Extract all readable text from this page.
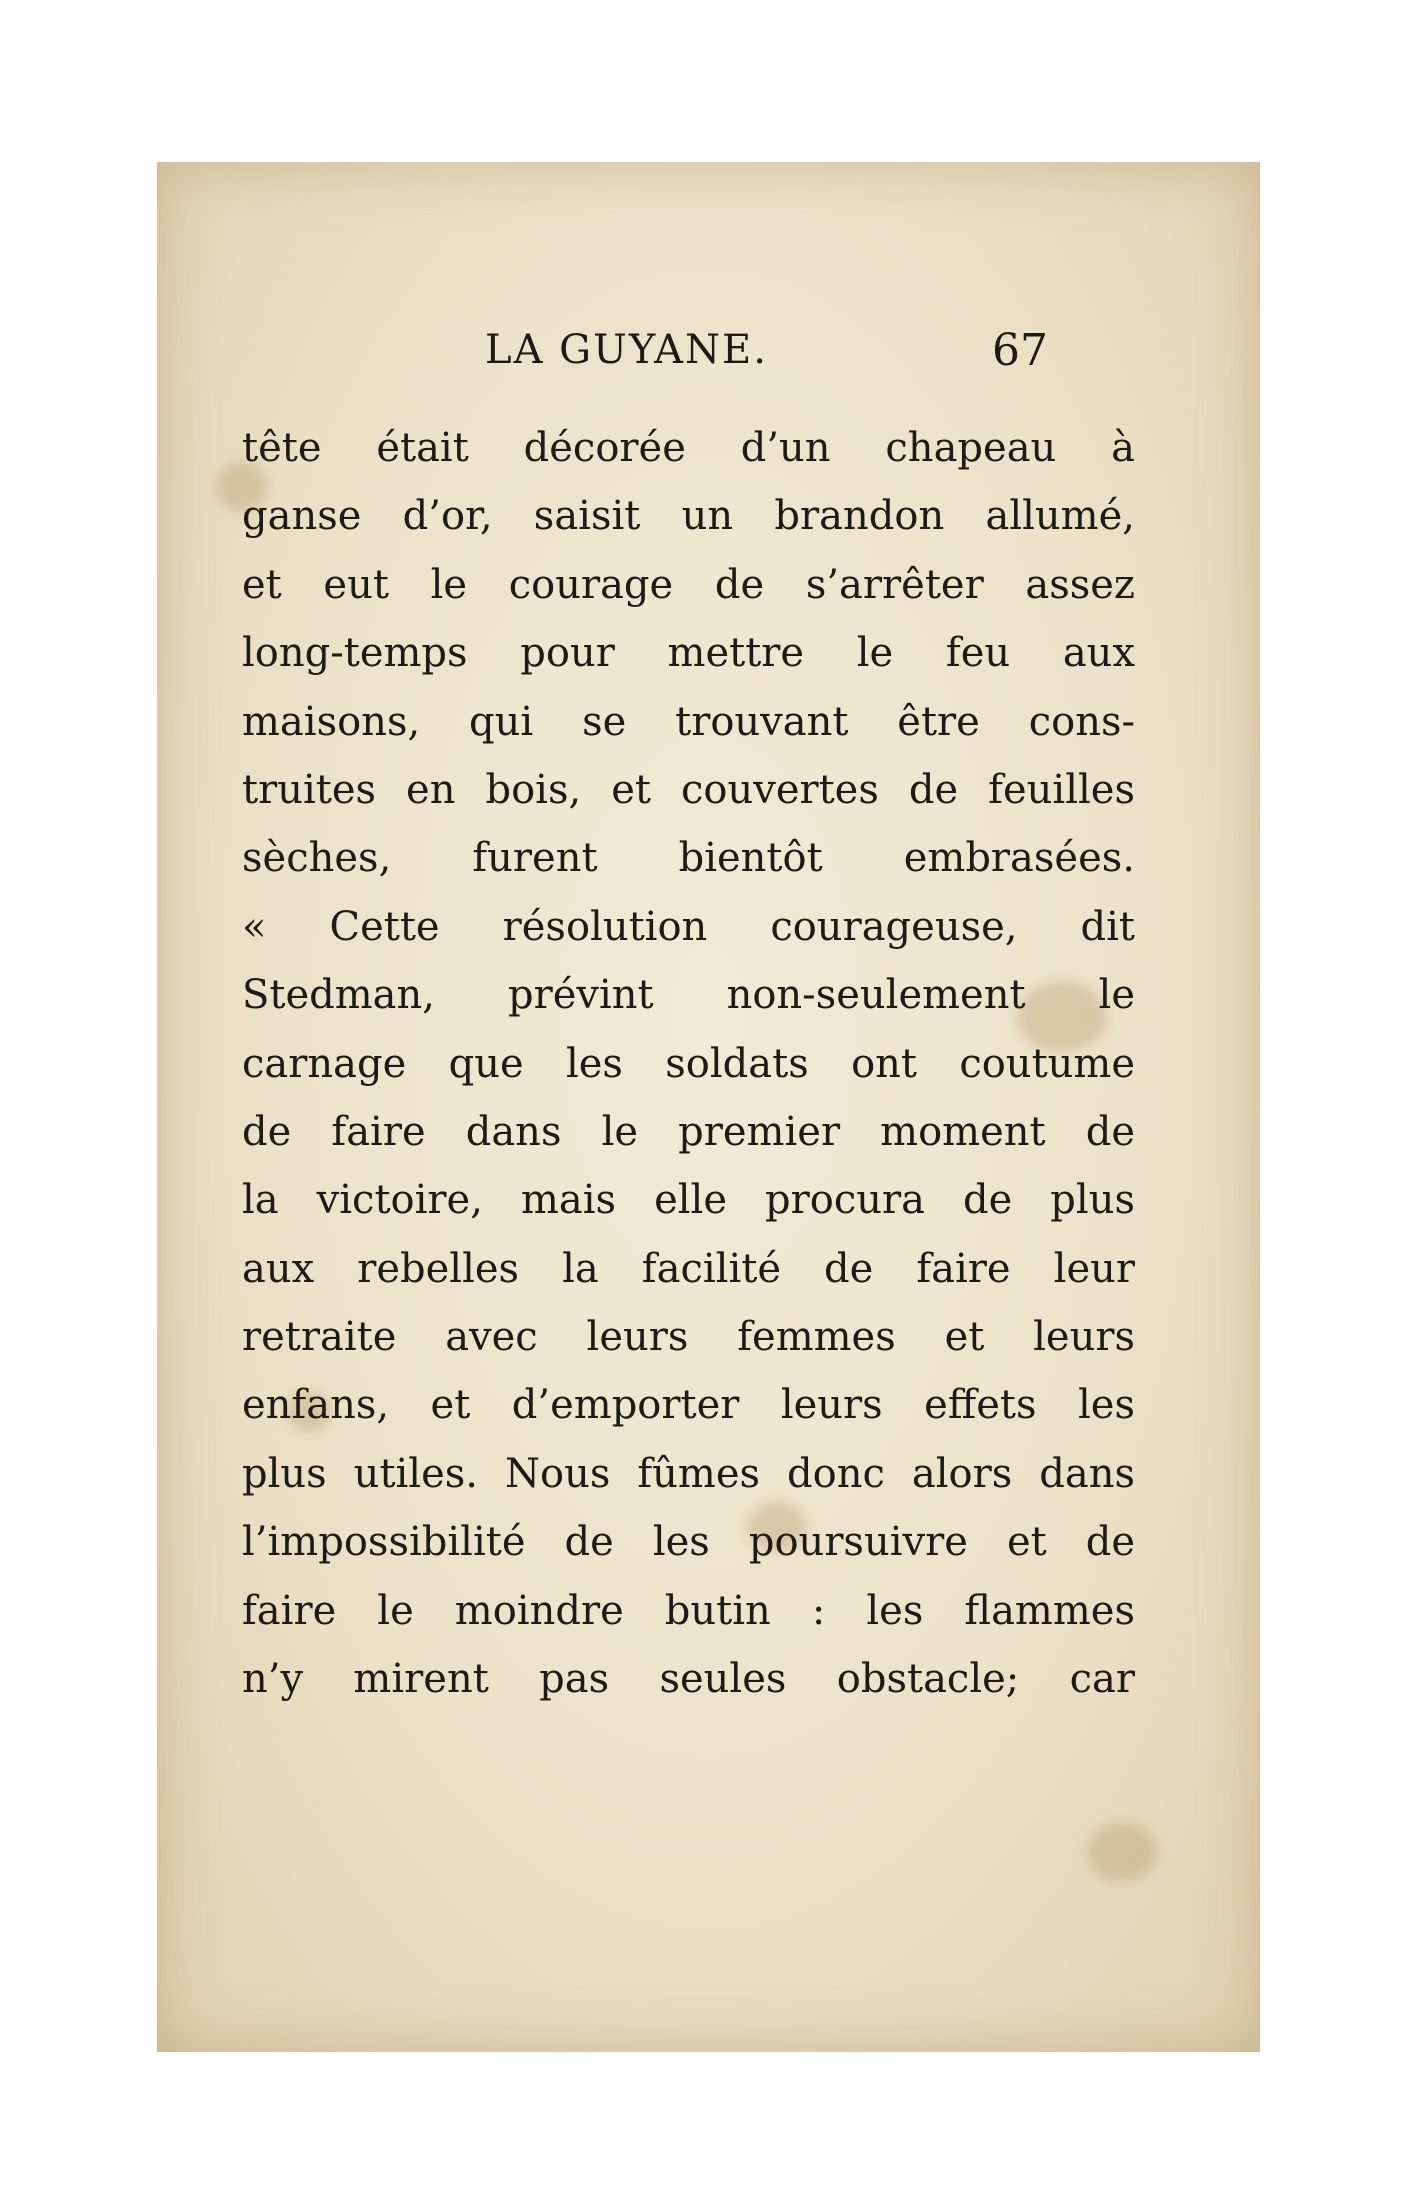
LA GUYANE.	67
tête était décorée d’un chapeau à
ganse d’or, saisit un brandon allumé,
et eut le courage de s’arrêter assez
long-temps pour mettre le feu aux
maisons, qui se trouvant être cons-
truites en bois, et couvertes de feuilles
sèches, furent bientôt embrasées.
« Cette résolution courageuse, dit
Stedman, prévint non-seulement le
carnage que les soldats ont coutume
de faire dans le premier moment de
la victoire, mais elle procura de plus
aux rebelles la facilité de faire leur
retraite avec leurs femmes et leurs
enfans, et d’emporter leurs effets les
plus utiles. Nous fûmes donc alors dans
l’impossibilité de les poursuivre et de
faire le moindre butin : les flammes
n’y mirent pas seules obstacle; car
